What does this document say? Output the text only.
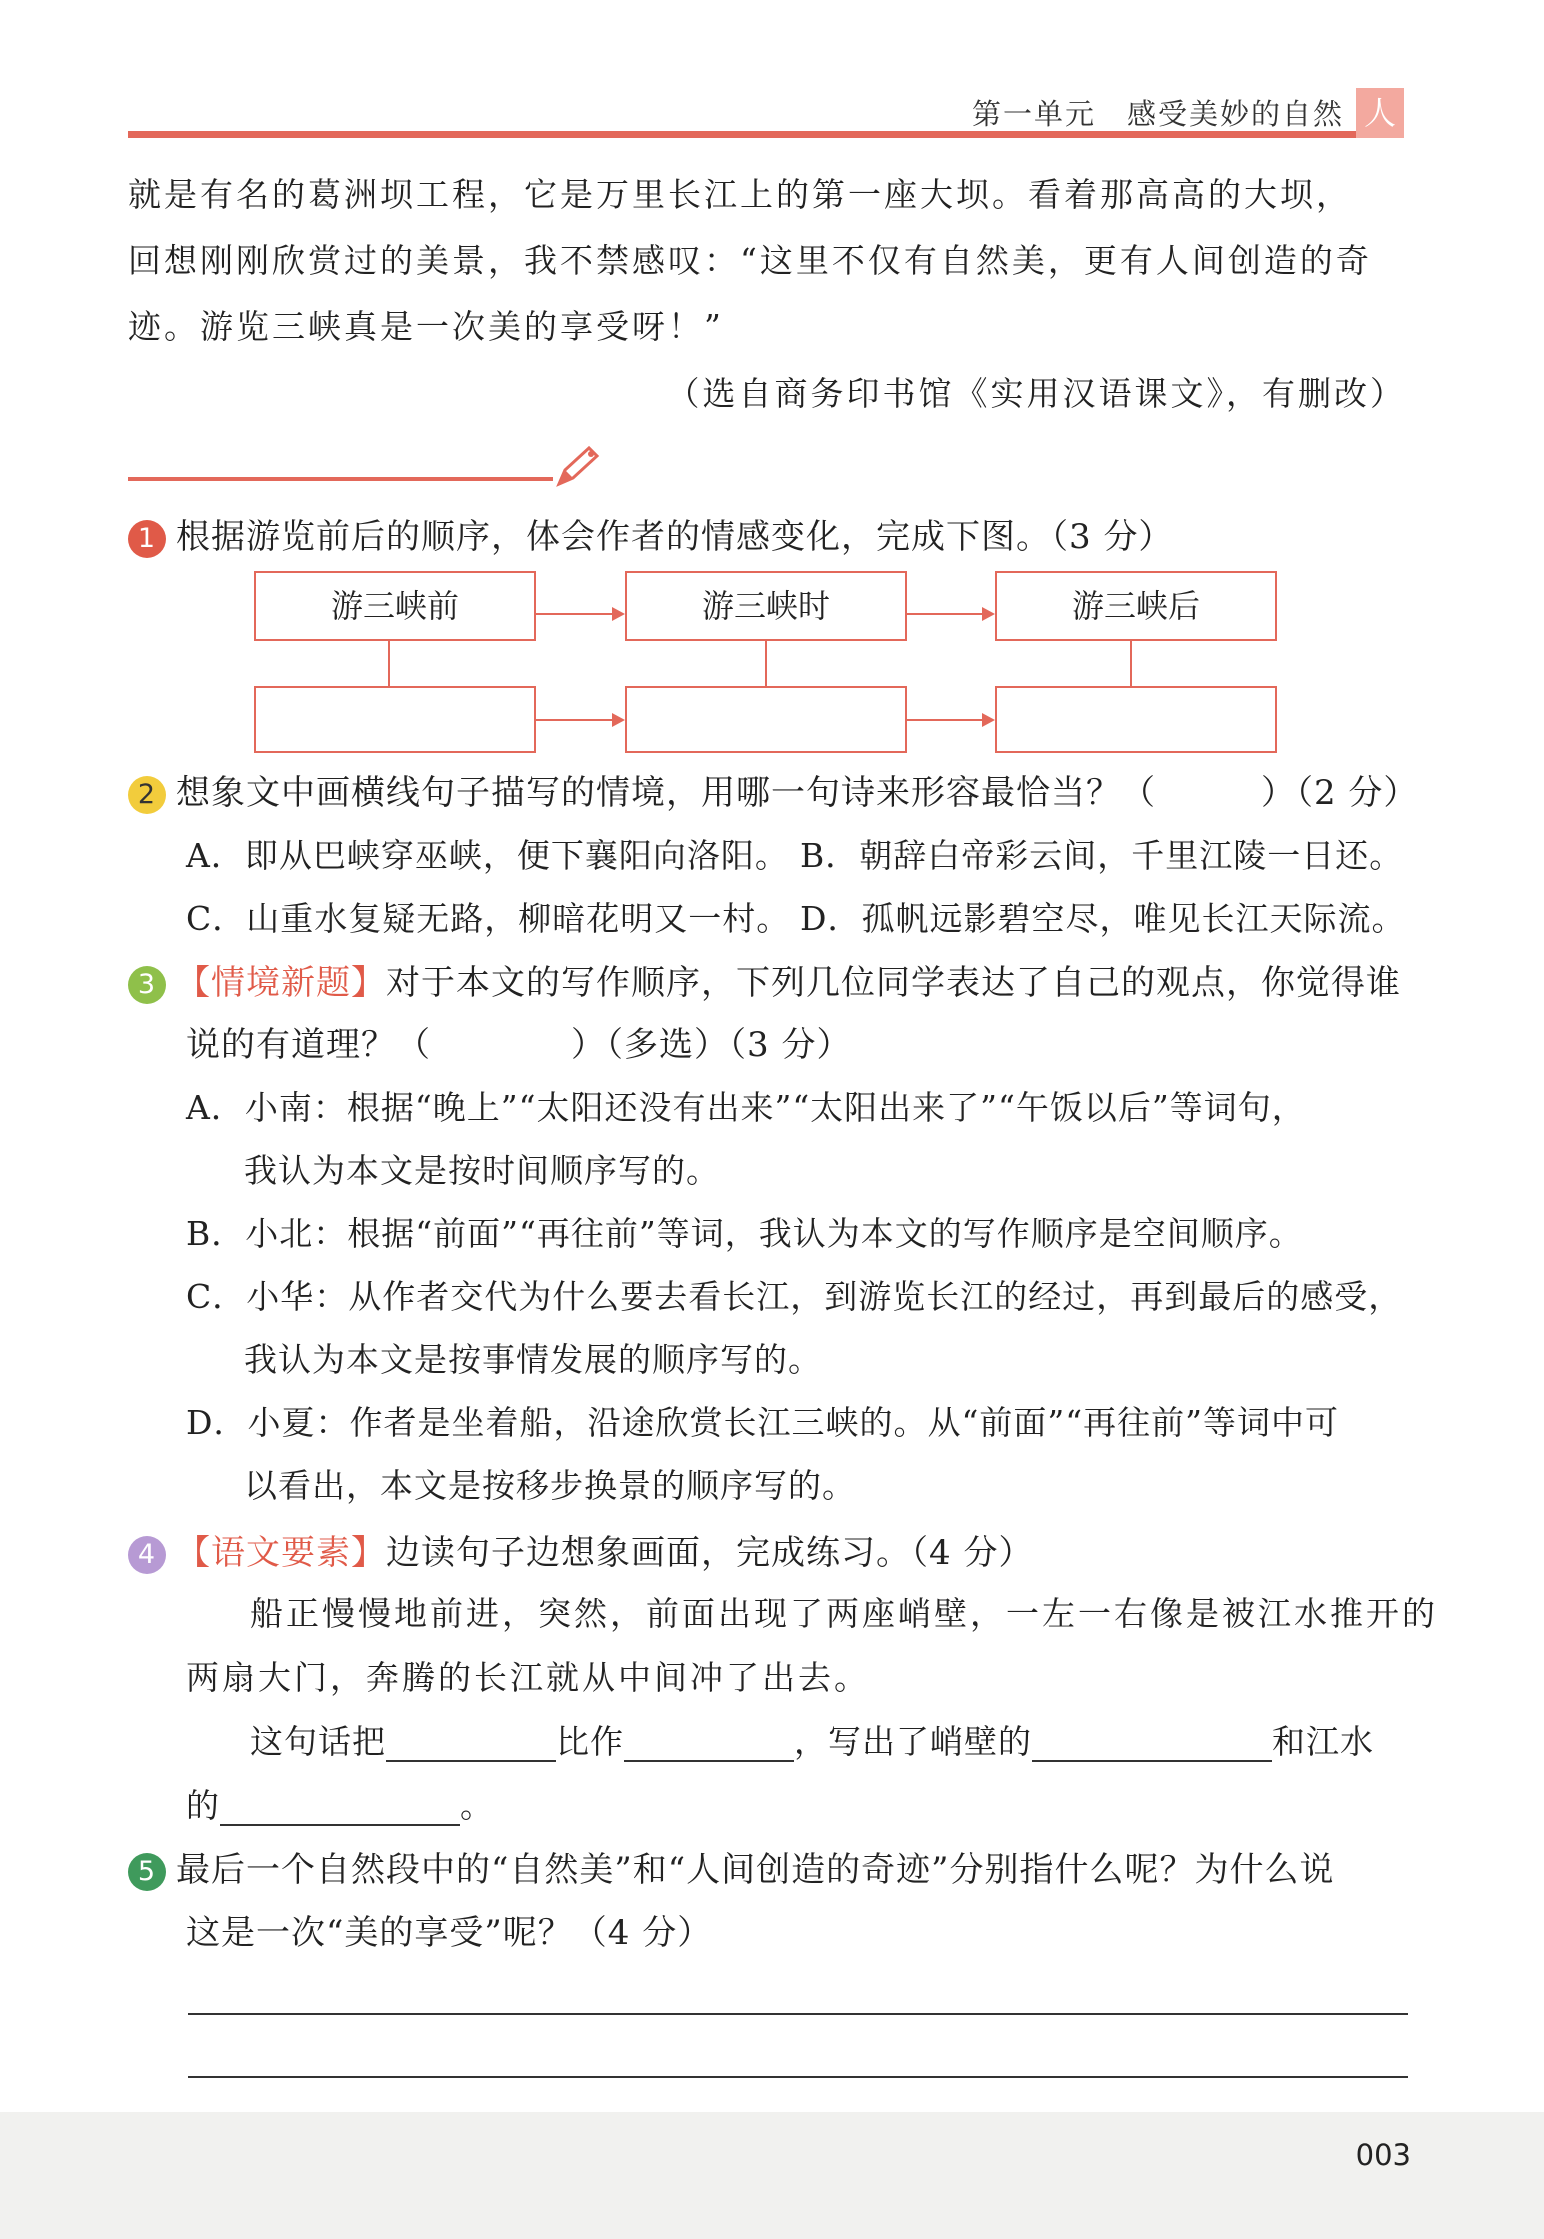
第一单元　感受美妙的自然 人
就是有名的葛洲坝工程，它是万里长江上的第一座大坝。看着那高高的大坝，
回想刚刚欣赏过的美景，我不禁感叹：“这里不仅有自然美，更有人间创造的奇
迹。游览三峡真是一次美的享受呀！”
（选自商务印书馆《实用汉语课文》，有删改）
1 根据游览前后的顺序，体会作者的情感变化，完成下图。（3 分）
游三峡前	游三峡时	游三峡后
2 想象文中画横线句子描写的情境，用哪一句诗来形容最恰当？（　　　）（2 分）
A．即从巴峡穿巫峡，便下襄阳向洛阳。 B．朝辞白帝彩云间，千里江陵一日还。
C．山重水复疑无路，柳暗花明又一村。 D．孤帆远影碧空尽，唯见长江天际流。
3 【情境新题】对于本文的写作顺序，下列几位同学表达了自己的观点，你觉得谁
说的有道理？（　　　　）（多选）（3 分）
A．小南：根据“晚上”“太阳还没有出来”“太阳出来了”“午饭以后”等词句，
我认为本文是按时间顺序写的。
B．小北：根据“前面”“再往前”等词，我认为本文的写作顺序是空间顺序。
C．小华：从作者交代为什么要去看长江，到游览长江的经过，再到最后的感受，
我认为本文是按事情发展的顺序写的。
D．小夏：作者是坐着船，沿途欣赏长江三峡的。从“前面”“再往前”等词中可
以看出，本文是按移步换景的顺序写的。
4 【语文要素】边读句子边想象画面，完成练习。（4 分）
船正慢慢地前进，突然，前面出现了两座峭壁，一左一右像是被江水推开的
两扇大门，奔腾的长江就从中间冲了出去。
这句话把	比作	，写出了峭壁的	和江水
的	。
5 最后一个自然段中的“自然美”和“人间创造的奇迹”分别指什么呢？为什么说
这是一次“美的享受”呢？（4 分）
003
